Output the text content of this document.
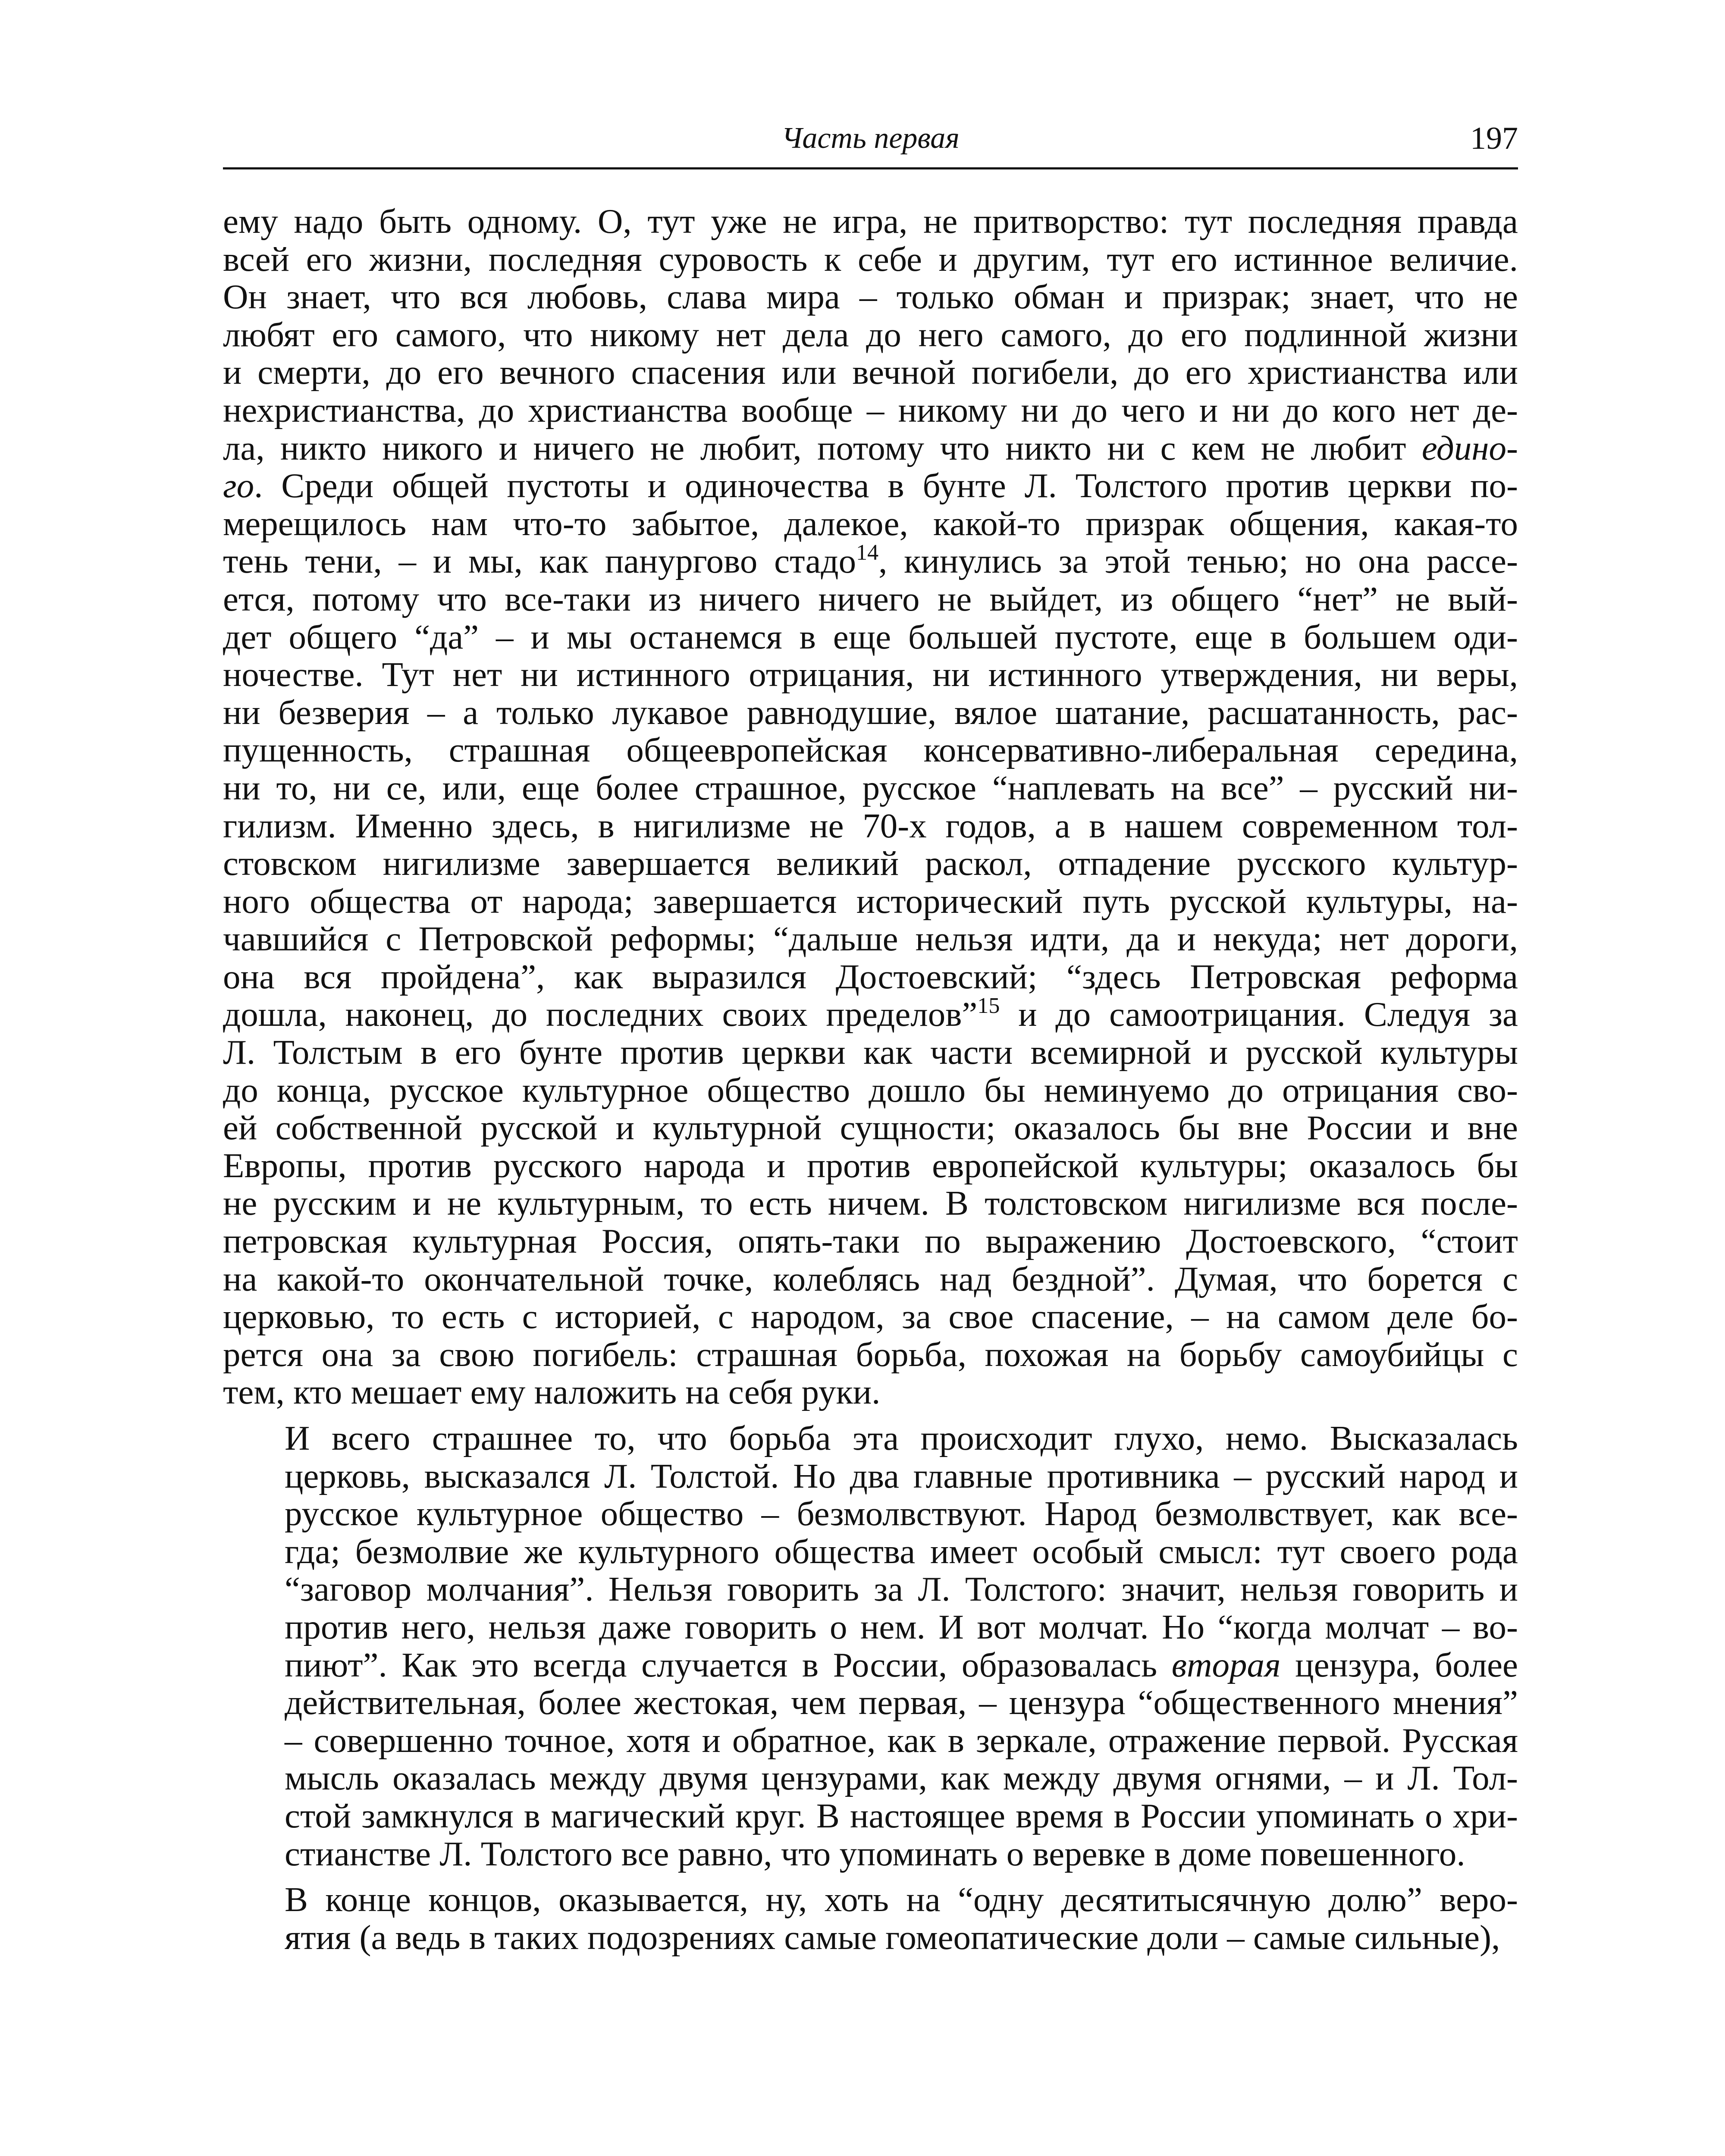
Часть первая	197

ему надо быть одному. О, тут уже не игра, не притворство: тут последняя правда
всей его жизни, последняя суровость к себе и другим, тут его истинное величие.
Он знает, что вся любовь, слава мира – только обман и призрак; знает, что не
любят его самого, что никому нет дела до него самого, до его подлинной жизни
и смерти, до его вечного спасения или вечной погибели, до его христианства или
нехристианства, до христианства вообще – никому ни до чего и ни до кого нет де-
ла, никто никого и ничего не любит, потому что никто ни с кем не любит едино-
го. Среди общей пустоты и одиночества в бунте Л. Толстого против церкви по-
мерещилось нам что-то забытое, далекое, какой-то призрак общения, какая-то
тень тени, – и мы, как панургово стадо$^{14}$, кинулись за этой тенью; но она рассе-
ется, потому что все-таки из ничего ничего не выйдет, из общего “нет” не вый-
дет общего “да” – и мы останемся в еще большей пустоте, еще в большем оди-
ночестве. Тут нет ни истинного отрицания, ни истинного утверждения, ни веры,
ни безверия – а только лукавое равнодушие, вялое шатание, расшатанность, рас-
пущенность, страшная общеевропейская консервативно-либеральная середина,
ни то, ни се, или, еще более страшное, русское “наплевать на все” – русский ни-
гилизм. Именно здесь, в нигилизме не 70-х годов, а в нашем современном тол-
стовском нигилизме завершается великий раскол, отпадение русского культур-
ного общества от народа; завершается исторический путь русской культуры, на-
чавшийся с Петровской реформы; “дальше нельзя идти, да и некуда; нет дороги,
она вся пройдена”, как выразился Достоевский; “здесь Петровская реформа
дошла, наконец, до последних своих пределов”$^{15}$ и до самоотрицания. Следуя за
Л. Толстым в его бунте против церкви как части всемирной и русской культуры
до конца, русское культурное общество дошло бы неминуемо до отрицания сво-
ей собственной русской и культурной сущности; оказалось бы вне России и вне
Европы, против русского народа и против европейской культуры; оказалось бы
не русским и не культурным, то есть ничем. В толстовском нигилизме вся после-
петровская культурная Россия, опять-таки по выражению Достоевского, “стоит
на какой-то окончательной точке, колеблясь над бездной”. Думая, что борется с
церковью, то есть с историей, с народом, за свое спасение, – на самом деле бо-
рется она за свою погибель: страшная борьба, похожая на борьбу самоубийцы с
тем, кто мешает ему наложить на себя руки.

И всего страшнее то, что борьба эта происходит глухо, немо. Высказалась
церковь, высказался Л. Толстой. Но два главные противника – русский народ и
русское культурное общество – безмолвствуют. Народ безмолвствует, как все-
гда; безмолвие же культурного общества имеет особый смысл: тут своего рода
“заговор молчания”. Нельзя говорить за Л. Толстого: значит, нельзя говорить и
против него, нельзя даже говорить о нем. И вот молчат. Но “когда молчат – во-
пиют”. Как это всегда случается в России, образовалась вторая цензура, более
действительная, более жестокая, чем первая, – цензура “общественного мнения”
– совершенно точное, хотя и обратное, как в зеркале, отражение первой. Русская
мысль оказалась между двумя цензурами, как между двумя огнями, – и Л. Тол-
стой замкнулся в магический круг. В настоящее время в России упоминать о хри-
стианстве Л. Толстого все равно, что упоминать о веревке в доме повешенного.

В конце концов, оказывается, ну, хоть на “одну десятитысячную долю” веро-
ятия (а ведь в таких подозрениях самые гомеопатические доли – самые сильные),
